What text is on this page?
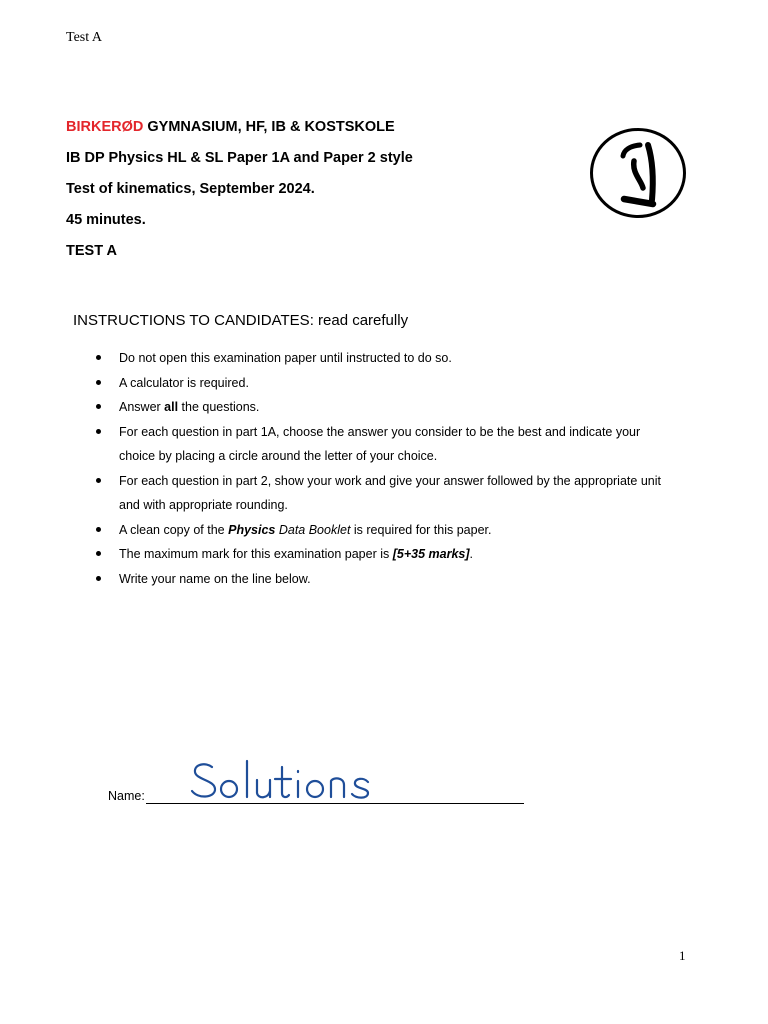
Test A
BIRKERØD GYMNASIUM, HF, IB & KOSTSKOLE
IB DP Physics HL & SL Paper 1A and Paper 2 style
Test of kinematics, September 2024.
45 minutes.
TEST A
INSTRUCTIONS TO CANDIDATES: read carefully
Do not open this examination paper until instructed to do so.
A calculator is required.
Answer all the questions.
For each question in part 1A, choose the answer you consider to be the best and indicate your choice by placing a circle around the letter of your choice.
For each question in part 2, show your work and give your answer followed by the appropriate unit and with appropriate rounding.
A clean copy of the Physics Data Booklet is required for this paper.
The maximum mark for this examination paper is [5+35 marks].
Write your name on the line below.
Name:
1
